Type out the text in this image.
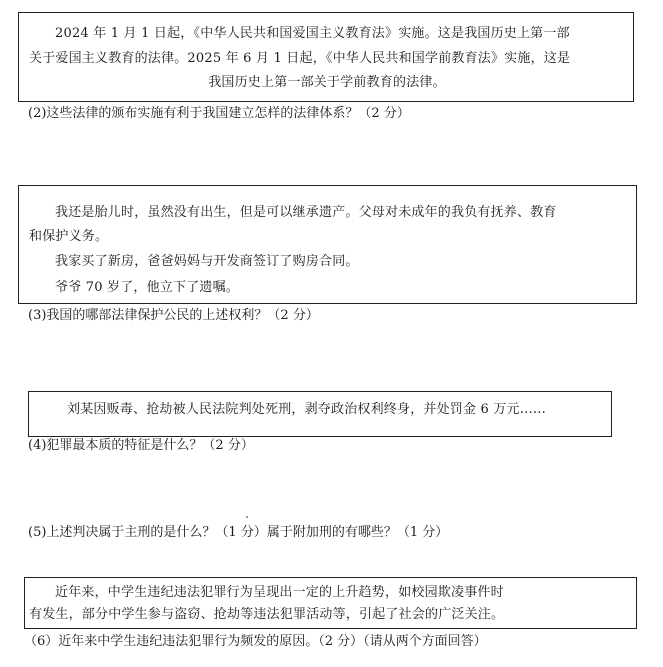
2024 年 1 月 1 日起，《中华人民共和国爱国主义教育法》实施。这是我国历史上第一部

关于爱国主义教育的法律。2025 年 6 月 1 日起，《中华人民共和国学前教育法》实施，这是

我国历史上第一部关于学前教育的法律。

(2)这些法律的颁布实施有利于我国建立怎样的法律体系？（2 分）

我还是胎儿时，虽然没有出生，但是可以继承遗产。父母对未成年的我负有抚养、教育

和保护义务。

我家买了新房，爸爸妈妈与开发商签订了购房合同。

爷爷 70 岁了，他立下了遗嘱。

(3)我国的哪部法律保护公民的上述权利？（2 分）

刘某因贩毒、抢劫被人民法院判处死刑，剥夺政治权利终身，并处罚金 6 万元……

(4)犯罪最本质的特征是什么？（2 分）

(5)上述判决属于主刑的是什么？（1 分）属于附加刑的有哪些？（1 分）

近年来，中学生违纪违法犯罪行为呈现出一定的上升趋势，如校园欺凌事件时

有发生，部分中学生参与盗窃、抢劫等违法犯罪活动等，引起了社会的广泛关注。

（6）近年来中学生违纪违法犯罪行为频发的原因。（2 分）（请从两个方面回答）
